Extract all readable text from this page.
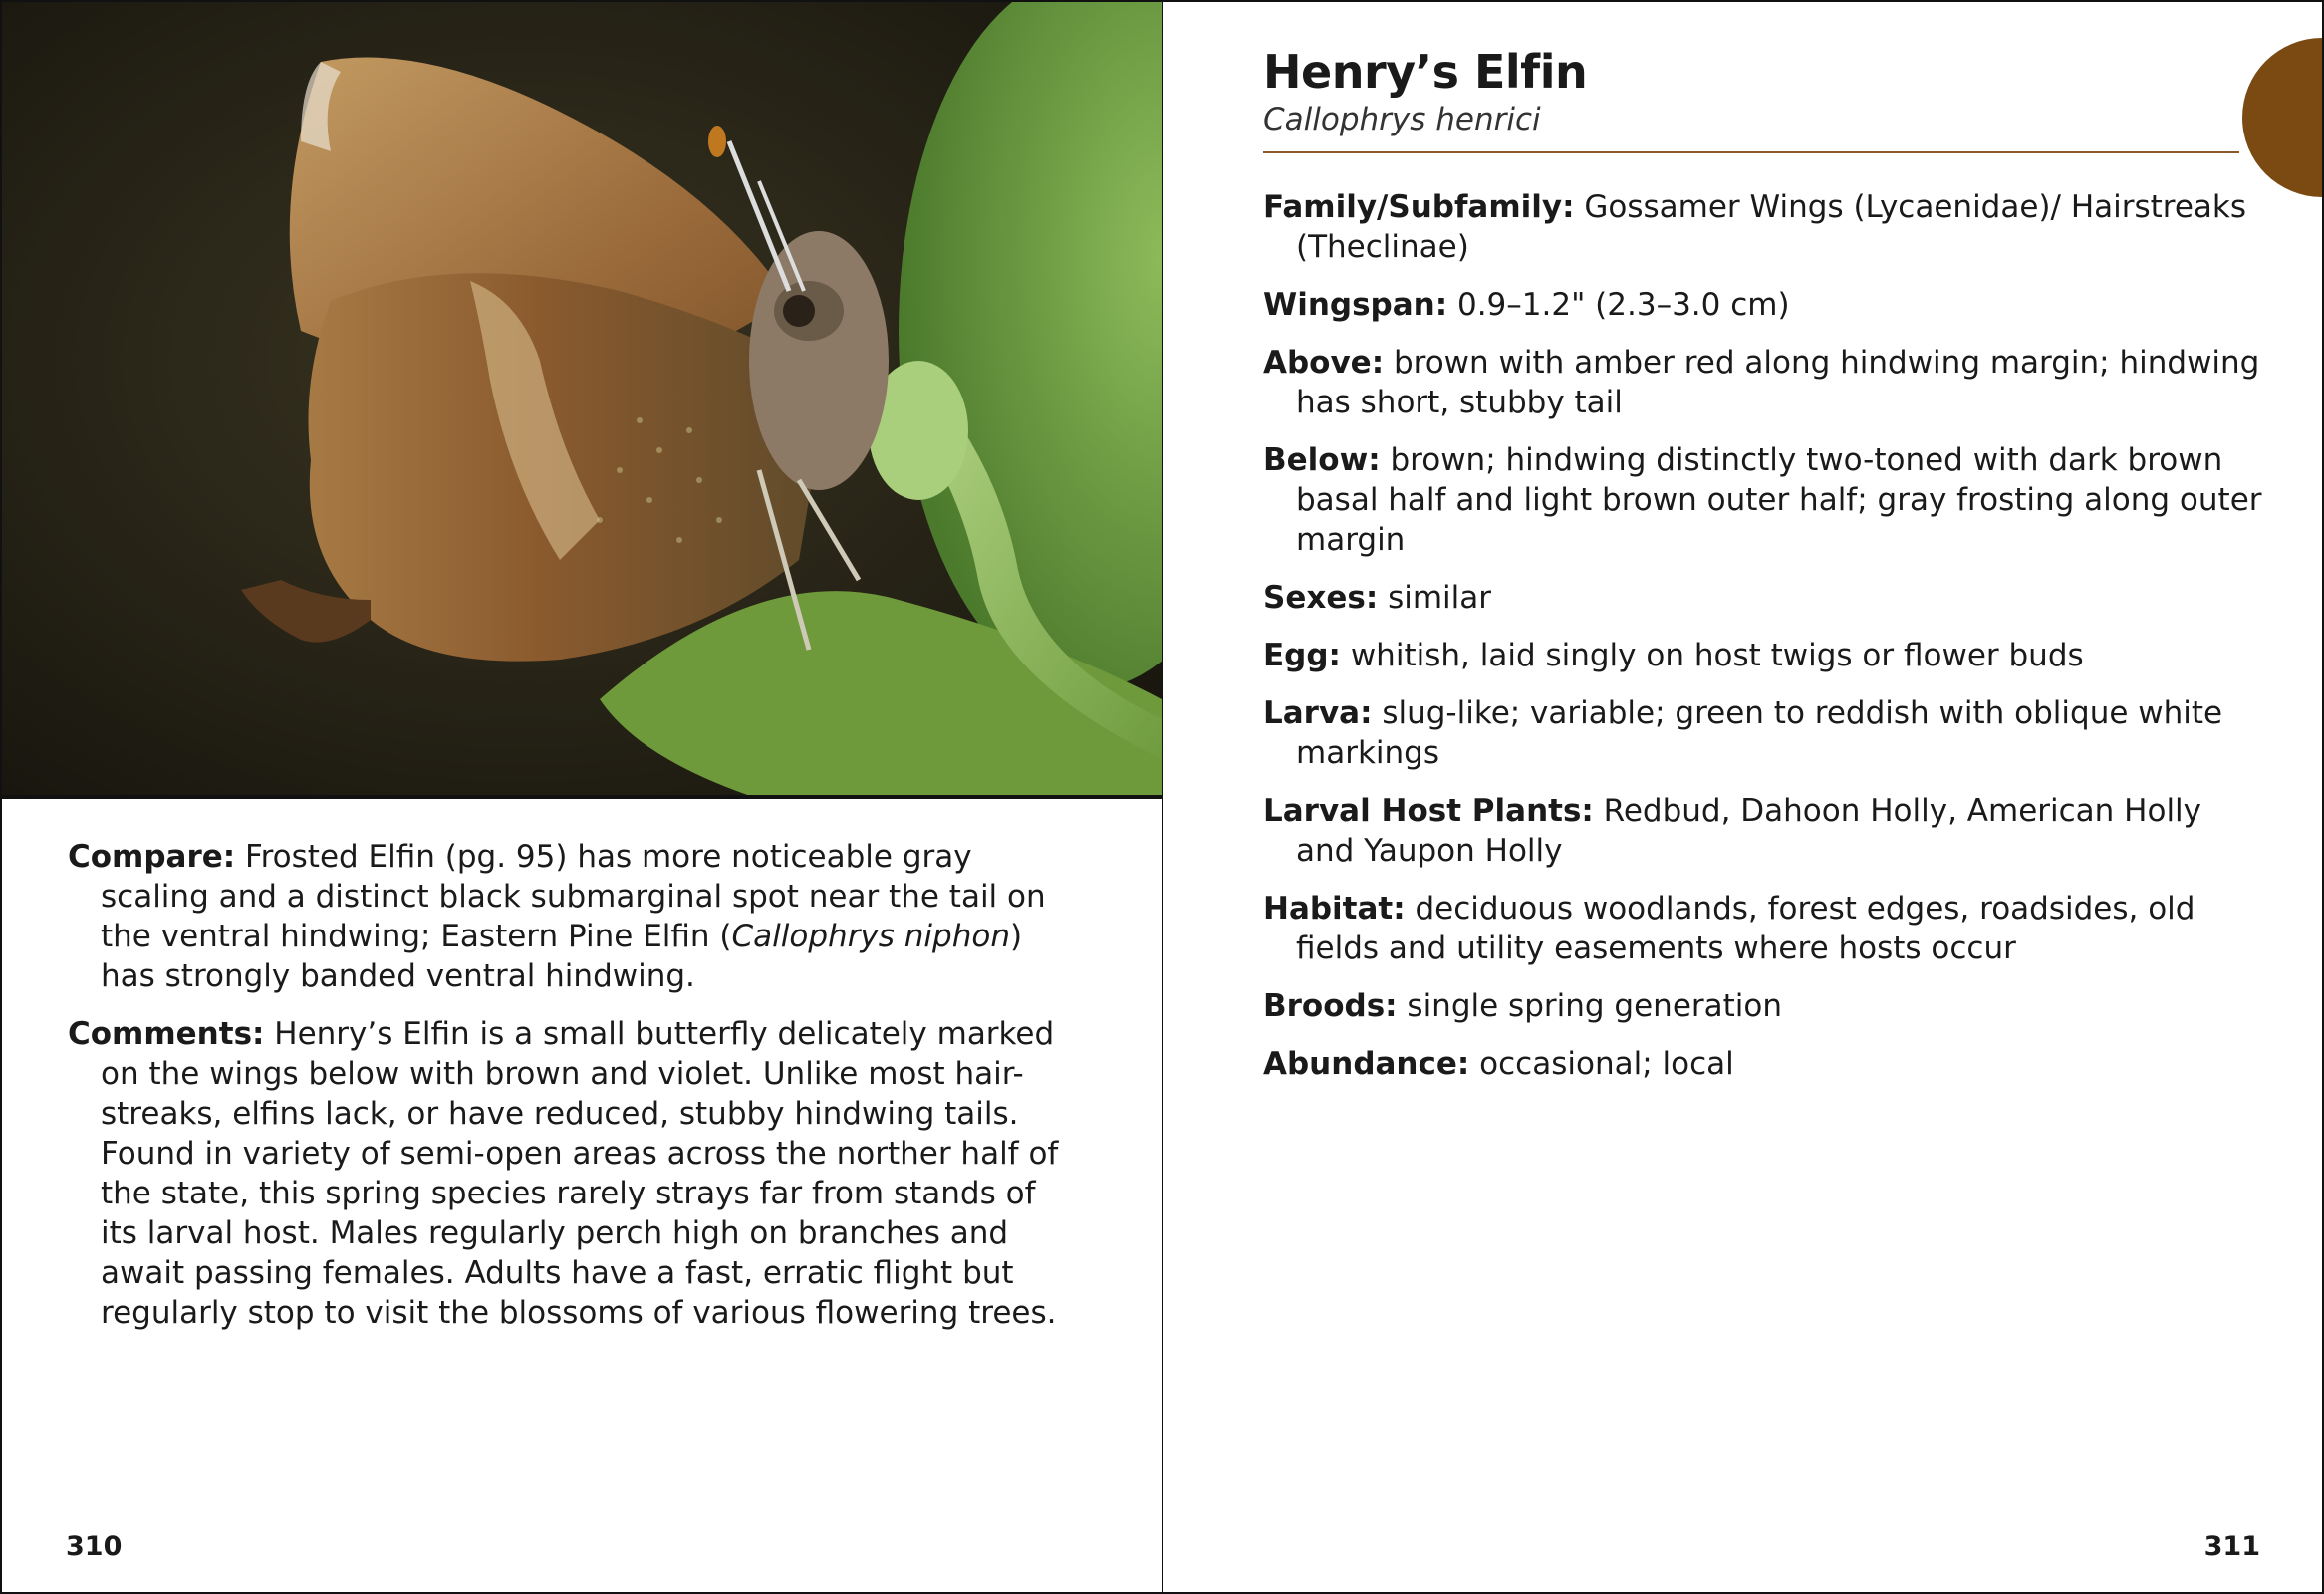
Compare: Frosted Elfin (pg. 95) has more noticeable gray scaling and a distinct black submarginal spot near the tail on the ventral hindwing; Eastern Pine Elfin (Callophrys niphon) has strongly banded ventral hindwing.

Comments: Henry’s Elfin is a small butterfly delicately marked on the wings below with brown and violet. Unlike most hair-streaks, elfins lack, or have reduced, stubby hindwing tails. Found in variety of semi-open areas across the norther half of the state, this spring species rarely strays far from stands of its larval host. Males regularly perch high on branches and await passing females. Adults have a fast, erratic flight but regularly stop to visit the blossoms of various flowering trees.

310
Henry’s Elfin
Callophrys henrici

Family/Subfamily: Gossamer Wings (Lycaenidae)/ Hairstreaks (Theclinae)

Wingspan: 0.9–1.2" (2.3–3.0 cm)

Above: brown with amber red along hindwing margin; hindwing has short, stubby tail

Below: brown; hindwing distinctly two-toned with dark brown basal half and light brown outer half; gray frosting along outer margin

Sexes: similar

Egg: whitish, laid singly on host twigs or flower buds

Larva: slug-like; variable; green to reddish with oblique white markings

Larval Host Plants: Redbud, Dahoon Holly, American Holly and Yaupon Holly

Habitat: deciduous woodlands, forest edges, roadsides, old fields and utility easements where hosts occur

Broods: single spring generation

Abundance: occasional; local

311
